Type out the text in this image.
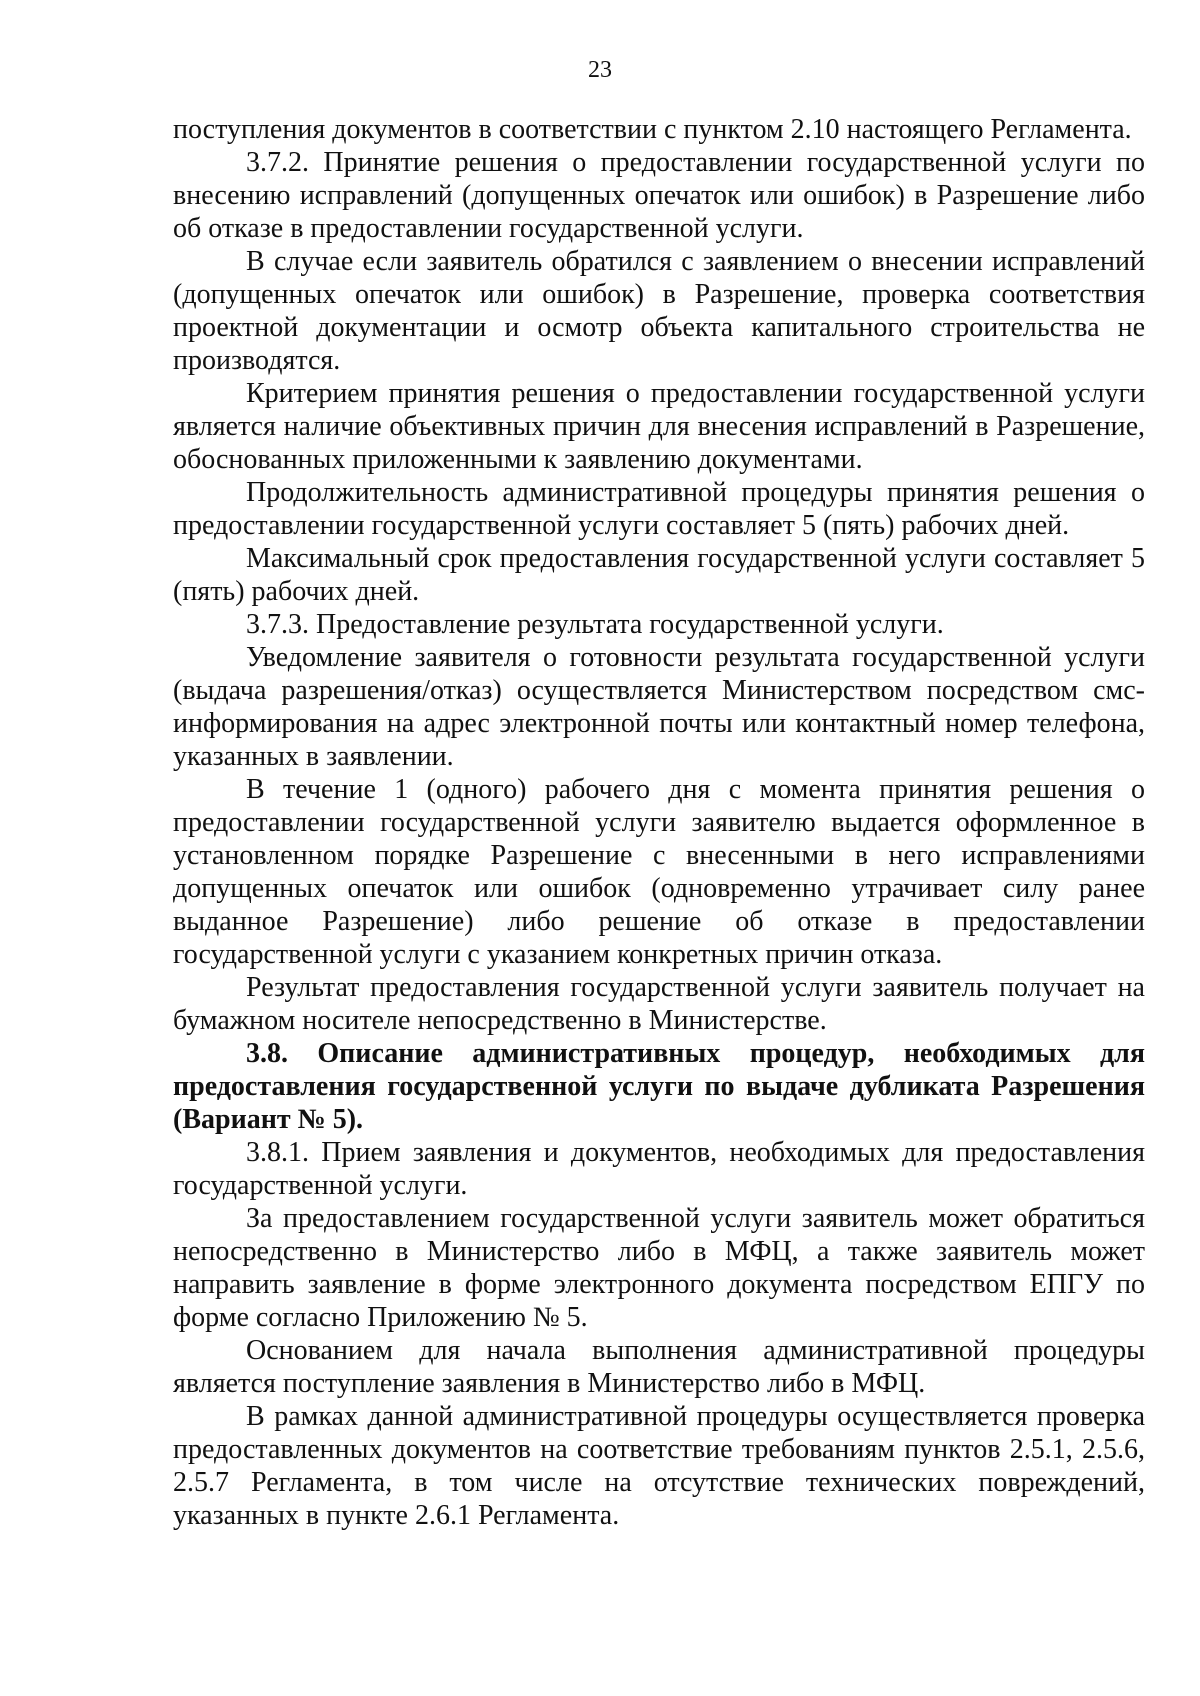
23

поступления документов в соответствии с пунктом 2.10 настоящего Регламента.

3.7.2. Принятие решения о предоставлении государственной услуги по внесению исправлений (допущенных опечаток или ошибок) в Разрешение либо об отказе в предоставлении государственной услуги.

В случае если заявитель обратился с заявлением о внесении исправлений (допущенных опечаток или ошибок) в Разрешение, проверка соответствия проектной документации и осмотр объекта капитального строительства не производятся.

Критерием принятия решения о предоставлении государственной услуги является наличие объективных причин для внесения исправлений в Разрешение, обоснованных приложенными к заявлению документами.

Продолжительность административной процедуры принятия решения о предоставлении государственной услуги составляет 5 (пять) рабочих дней.

Максимальный срок предоставления государственной услуги составляет 5 (пять) рабочих дней.

3.7.3. Предоставление результата государственной услуги.

Уведомление заявителя о готовности результата государственной услуги (выдача разрешения/отказ) осуществляется Министерством посредством смс-информирования на адрес электронной почты или контактный номер телефона, указанных в заявлении.

В течение 1 (одного) рабочего дня с момента принятия решения о предоставлении государственной услуги заявителю выдается оформленное в установленном порядке Разрешение с внесенными в него исправлениями допущенных опечаток или ошибок (одновременно утрачивает силу ранее выданное Разрешение) либо решение об отказе в предоставлении государственной услуги с указанием конкретных причин отказа.

Результат предоставления государственной услуги заявитель получает на бумажном носителе непосредственно в Министерстве.

3.8. Описание административных процедур, необходимых для предоставления государственной услуги по выдаче дубликата Разрешения (Вариант № 5).

3.8.1. Прием заявления и документов, необходимых для предоставления государственной услуги.

За предоставлением государственной услуги заявитель может обратиться непосредственно в Министерство либо в МФЦ, а также заявитель может направить заявление в форме электронного документа посредством ЕПГУ по форме согласно Приложению № 5.

Основанием для начала выполнения административной процедуры является поступление заявления в Министерство либо в МФЦ.

В рамках данной административной процедуры осуществляется проверка предоставленных документов на соответствие требованиям пунктов 2.5.1, 2.5.6, 2.5.7 Регламента, в том числе на отсутствие технических повреждений, указанных в пункте 2.6.1 Регламента.
